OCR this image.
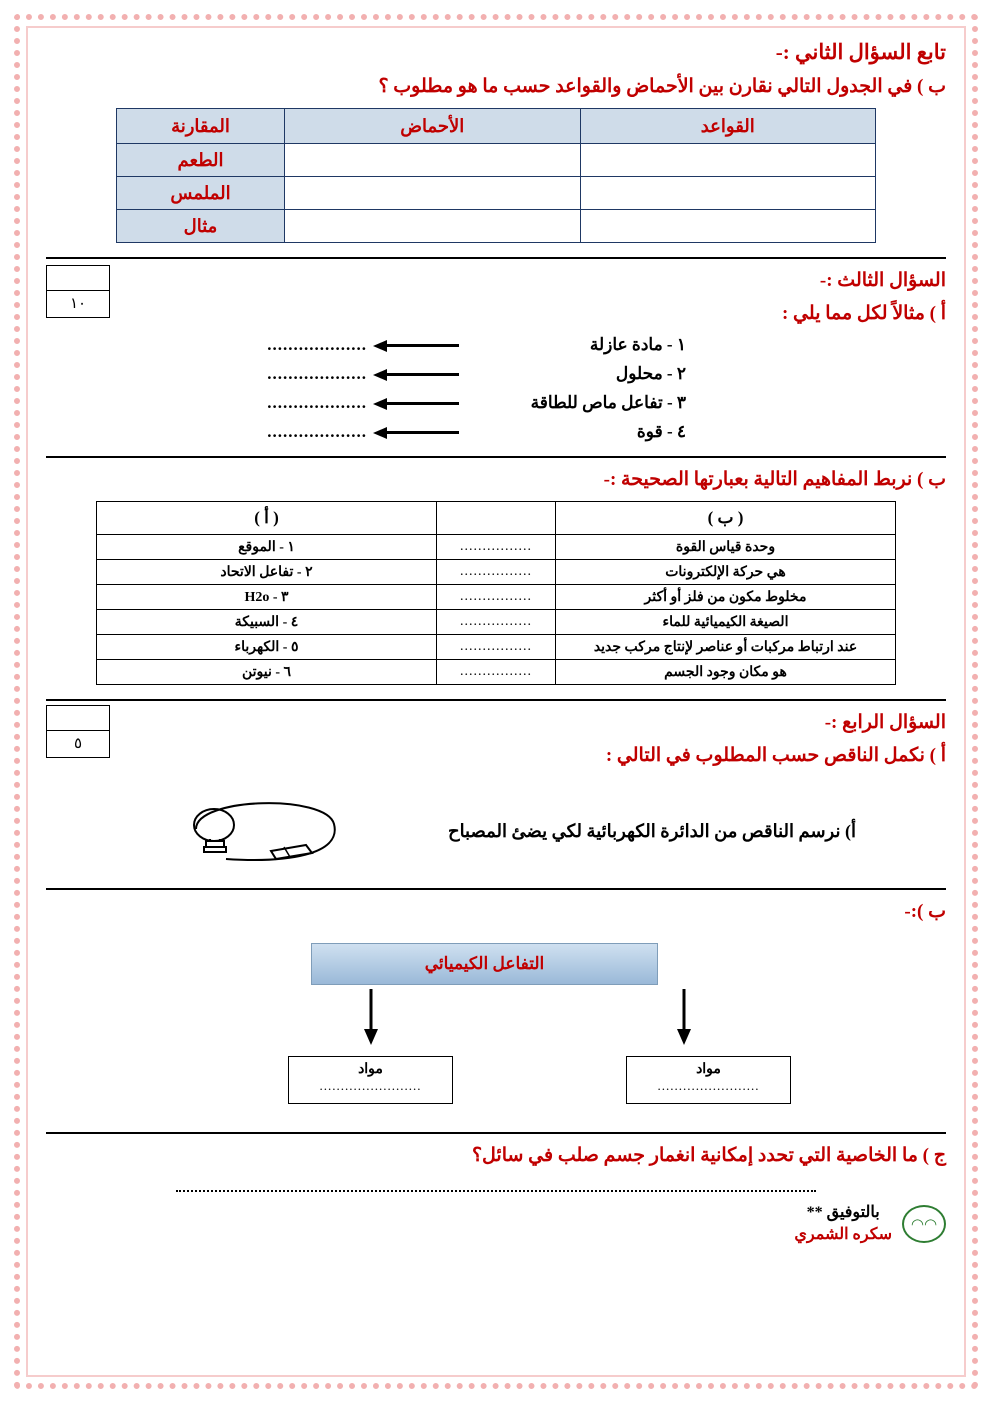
تابع السؤال الثاني :-
ب ) في الجدول التالي نقارن بين الأحماض والقواعد حسب ما هو مطلوب ؟
القواعد	الأحماض	المقارنة
		الطعم
		الملمس
		مثال
١٠
السؤال الثالث :-
أ ) مثالاً لكل مما يلي :
١ - مادة عازلة
...................
٢ - محلول
...................
٣ - تفاعل ماص للطاقة
...................
٤ - قوة
...................
ب ) نربط المفاهيم التالية بعبارتها الصحيحة :-
( ب )		( أ )
وحدة قياس القوة	................	١ - الموقع
هي حركة الإلكترونات	................	٢ - تفاعل الاتحاد
مخلوط مكون من فلز أو أكثر	................	٣ - H2o
الصيغة الكيميائية للماء	................	٤ - السبيكة
عند ارتباط مركبات أو عناصر لإنتاج مركب جديد	................	٥ - الكهرباء
هو مكان وجود الجسم	................	٦ - نيوتن
٥
السؤال الرابع :-
أ ) نكمل الناقص حسب المطلوب في التالي :
أ) نرسم الناقص من الدائرة الكهربائية لكي يضئ المصباح
ب ):-
التفاعل الكيميائي
مواد
........................
مواد
........................
ج ) ما الخاصية التي تحدد إمكانية انغمار جسم صلب في سائل؟
◠◠
بالتوفيق **
سكره الشمري
